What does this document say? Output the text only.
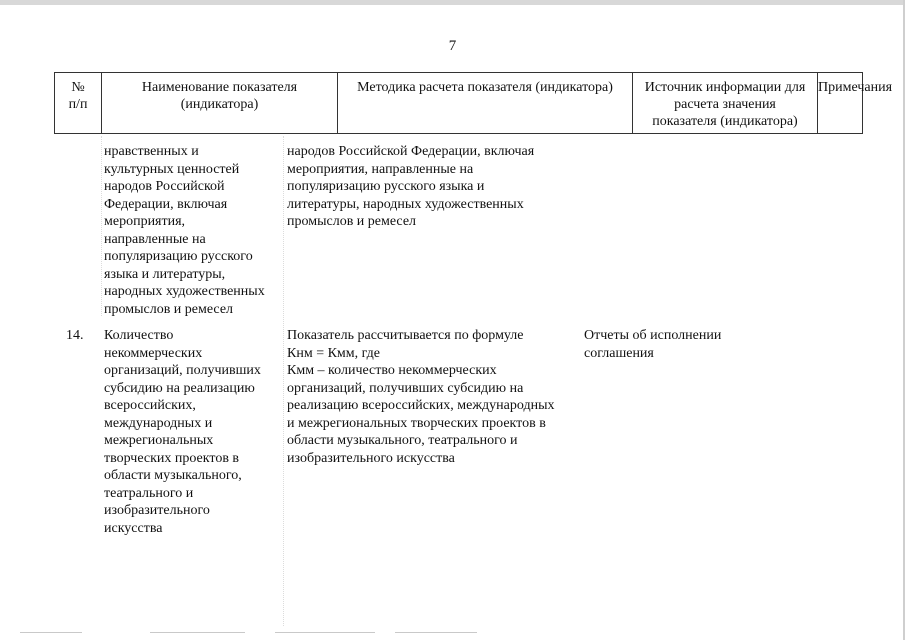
7
№
п/п
Наименование показателя
(индикатора)
Методика расчета показателя (индикатора)	Источник информации для
расчета значения
показателя (индикатора)
Примечания
нравственных и
культурных ценностей
народов Российской
Федерации, включая
мероприятия,
направленные на
популяризацию русского
языка и литературы,
народных художественных
промыслов и ремесел
народов Российской Федерации, включая
мероприятия, направленные на
популяризацию русского языка и
литературы, народных художественных
промыслов и ремесел
14. Количество
некоммерческих
организаций, получивших
субсидию на реализацию
всероссийских,
международных и
межрегиональных
творческих проектов в
области музыкального,
театрального и
изобразительного
искусства
Показатель рассчитывается по формуле
Кнм = Кмм, где
Кмм – количество некоммерческих
организаций, получивших субсидию на
реализацию всероссийских, международных
и межрегиональных творческих проектов в
области музыкального, театрального и
изобразительного искусства
Отчеты об исполнении
соглашения
